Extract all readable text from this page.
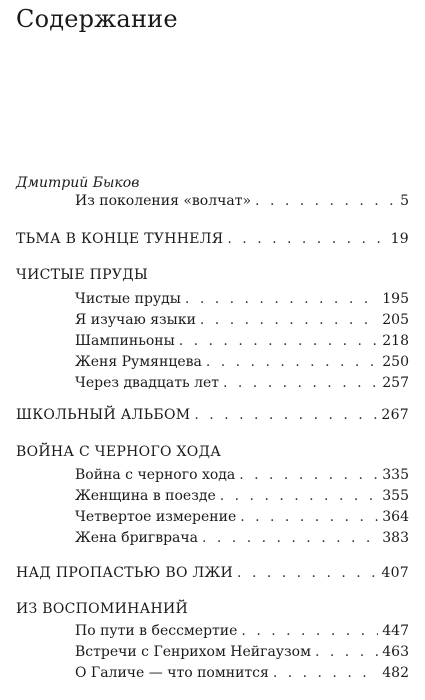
Содержание
Дмитрий Быков
Из поколения «волчат» . . .	5
ТЬМА В КОНЦЕ ТУННЕЛЯ . . .	19
ЧИСТЫЕ ПРУДЫ
Чистые пруды . . .	195
Я изучаю языки . . .	205
Шампиньоны . . .	218
Женя Румянцева . . .	250
Через двадцать лет . . .	257
ШКОЛЬНЫЙ АЛЬБОМ . . .	267
ВОЙНА С ЧЕРНОГО ХОДА
Война с черного хода . . .	335
Женщина в поезде . . .	355
Четвертое измерение . . .	364
Жена бригврача . . .	383
НАД ПРОПАСТЬЮ ВО ЛЖИ . . .	407
ИЗ ВОСПОМИНАНИЙ
По пути в бессмертие . . .	447
Встречи с Генрихом Нейгаузом . . .	463
О Галиче — что помнится . . .	482
